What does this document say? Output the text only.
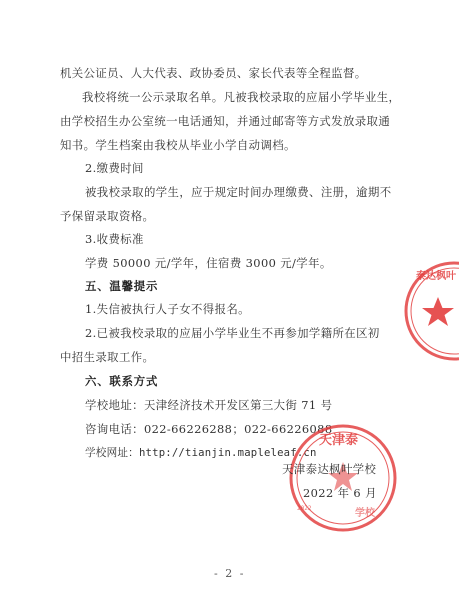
机关公证员、人大代表、政协委员、家长代表等全程监督。
我校将统一公示录取名单。凡被我校录取的应届小学毕业生，
由学校招生办公室统一电话通知，并通过邮寄等方式发放录取通
知书。学生档案由我校从毕业小学自动调档。
2.缴费时间
被我校录取的学生，应于规定时间办理缴费、注册，逾期不
予保留录取资格。
3.收费标准
学费 50000 元/学年，住宿费 3000 元/学年。
五、温馨提示
1.失信被执行人子女不得报名。
2.已被我校录取的应届小学毕业生不再参加学籍所在区初
中招生录取工作。
六、联系方式
学校地址：天津经济技术开发区第三大街 71 号
咨询电话：022-66226288；022-66226088
学校网址：http://tianjin.mapleleaf.cn
泰达枫叶
天津泰
2022	学校
天津泰达枫叶学校
2022 年 6 月
- 2 -
